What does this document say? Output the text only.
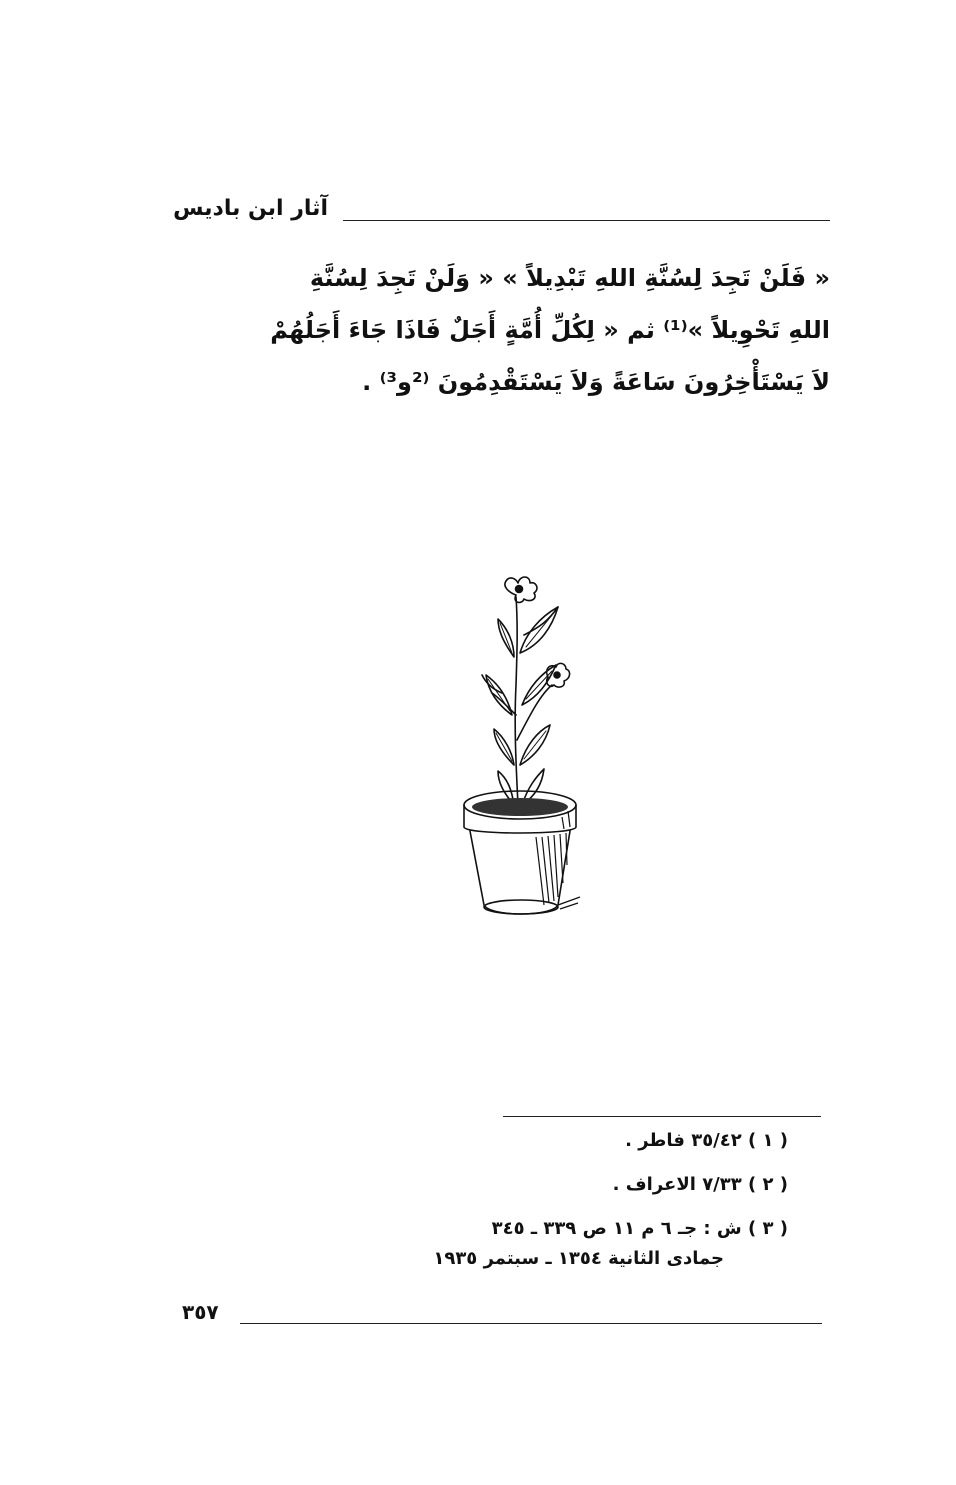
آثار ابن باديس
« فَلَنْ تَجِدَ لِسُنَّةِ اللهِ تَبْدِيلاً » « وَلَنْ تَجِدَ لِسُنَّةِ
اللهِ تَحْوِيلاً »⁽¹⁾ ثم « لِكُلِّ أُمَّةٍ أَجَلٌ فَاذَا جَاءَ أَجَلُهُمْ
لاَ يَسْتَأْخِرُونَ سَاعَةً وَلاَ يَسْتَقْدِمُونَ ⁽²و³⁾ .
( ١ ) ٣٥/٤٢ فاطر .
( ٢ ) ٧/٣٣ الاعراف .
( ٣ ) ش : جـ ٦ م ١١ ص ٣٣٩ ـ ٣٤٥
جمادى الثانية ١٣٥٤ ـ سبتمر ١٩٣٥
٣٥٧
